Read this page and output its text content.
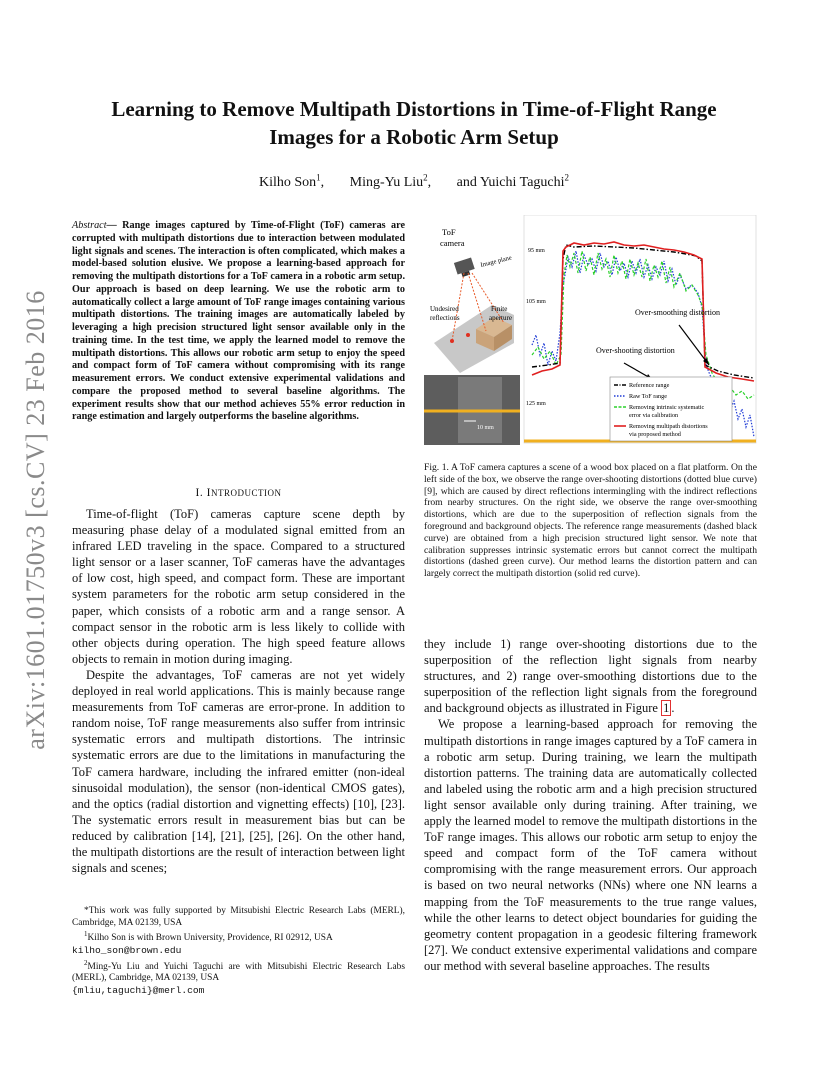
arXiv:1601.01750v3 [cs.CV] 23 Feb 2016
Learning to Remove Multipath Distortions in Time-of-Flight Range
Images for a Robotic Arm Setup
Kilho Son$^1$, Ming-Yu Liu$^2$, and Yuichi Taguchi$^2$
Abstract— Range images captured by Time-of-Flight (ToF) cameras are corrupted with multipath distortions due to interaction between modulated light signals and scenes. The interaction is often complicated, which makes a model-based solution elusive. We propose a learning-based approach for removing the multipath distortions for a ToF camera in a robotic arm setup. Our approach is based on deep learning. We use the robotic arm to automatically collect a large amount of ToF range images containing various multipath distortions. The training images are automatically labeled by leveraging a high precision structured light sensor available only in the training time. In the test time, we apply the learned model to remove the multipath distortions. This allows our robotic arm setup to enjoy the speed and compact form of ToF camera without compromising with its range measurement errors. We conduct extensive experimental validations and compare the proposed method to several baseline algorithms. The experiment results show that our method achieves 55% error reduction in range estimation and largely outperforms the baseline algorithms.
I. INTRODUCTION

Time-of-flight (ToF) cameras capture scene depth by measuring phase delay of a modulated signal emitted from an infrared LED traveling in the space. Compared to a structured light sensor or a laser scanner, ToF cameras have the advantages of low cost, high speed, and compact form. These are important system parameters for the robotic arm setup considered in the paper, which consists of a robotic arm and a range sensor. A compact sensor in the robotic arm is less likely to collide with other objects during operation. The high speed feature allows objects to remain in motion during imaging.

Despite the advantages, ToF cameras are not yet widely deployed in real world applications. This is mainly because range measurements from ToF cameras are error-prone. In addition to random noise, ToF range measurements also suffer from intrinsic systematic errors and multipath distortions. The intrinsic systematic errors are due to the limitations in manufacturing the ToF camera hardware, including the infrared emitter (non-ideal sinusoidal modulation), the sensor (non-identical CMOS gates), and the optics (radial distortion and vignetting effects) [10], [23]. The systematic errors result in measurement bias but can be reduced by calibration [14], [21], [25], [26]. On the other hand, the multipath distortions are the result of interaction between light signals and scenes;

*This work was fully supported by Mitsubishi Electric Research Labs (MERL), Cambridge, MA 02139, USA

$^1$Kilho Son is with Brown University, Providence, RI 02912, USA
kilho_son@brown.edu

$^2$Ming-Yu Liu and Yuichi Taguchi are with Mitsubishi Electric Research Labs (MERL), Cambridge, MA 02139, USA
{mliu,taguchi}@merl.com

ToF
camera
Image plane
Undesired
reflections
Finite
aperture
10 mm
95 mm
105 mm
125 mm
Over-smoothing distortion
Over-shooting distortion
Reference range
Raw ToF range
Removing intrinsic systematic
error via calibration
Removing multipath distortions
via proposed method
Fig. 1. A ToF camera captures a scene of a wood box placed on a flat platform. On the left side of the box, we observe the range over-shooting distortions (dotted blue curve) [9], which are caused by direct reflections intermingling with the indirect reflections from nearby structures. On the right side, we observe the range over-smoothing distortions, which are due to the superposition of reflection signals from the foreground and background objects. The reference range measurements (dashed black curve) are obtained from a high precision structured light sensor. We note that calibration suppresses intrinsic systematic errors but cannot correct the multipath distortions (dashed green curve). Our method learns the distortion pattern and can largely correct the multipath distortion (solid red curve).

they include 1) range over-shooting distortions due to the superposition of the reflection light signals from nearby structures, and 2) range over-smoothing distortions due to the superposition of the reflection light signals from the foreground and background objects as illustrated in Figure 1 .

We propose a learning-based approach for removing the multipath distortions in range images captured by a ToF camera in a robotic arm setup. During training, we learn the multipath distortion patterns. The training data are automatically collected and labeled using the robotic arm and a high precision structured light sensor available only during training. After training, we apply the learned model to remove the multipath distortions in the ToF range images. This allows our robotic arm setup to enjoy the speed and compact form of the ToF camera without compromising with the range measurement errors. Our approach is based on two neural networks (NNs) where one NN learns a mapping from the ToF measurements to the true range values, while the other learns to detect object boundaries for guiding the geometry content propagation in a geodesic filtering framework [27]. We conduct extensive experimental validations and compare our method with several baseline approaches. The results
